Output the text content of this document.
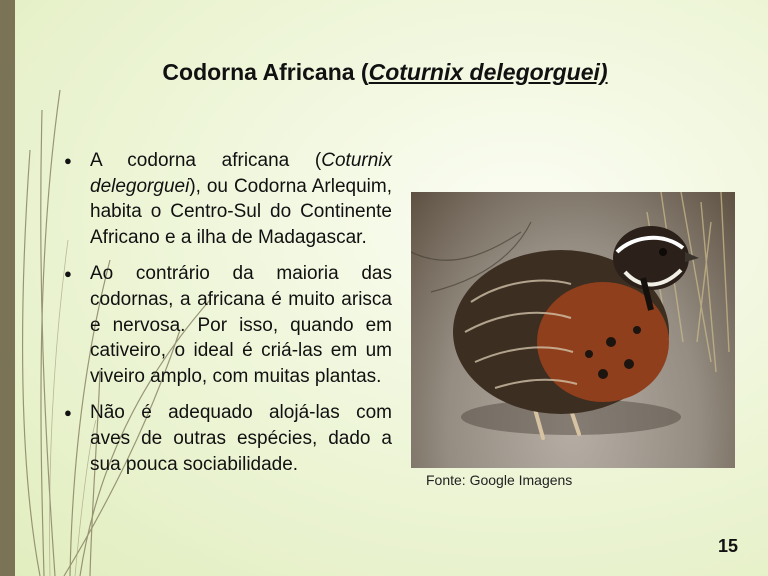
Codorna Africana (Coturnix delegorguei)
● A codorna africana (Coturnix delegorguei), ou Codorna Arlequim, habita o Centro-Sul do Continente Africano e a ilha de Madagascar.
● Ao contrário da maioria das codornas, a africana é muito arisca e nervosa. Por isso, quando em cativeiro, o ideal é criá-las em um viveiro amplo, com muitas plantas.
● Não é adequado alojá-las com aves de outras espécies, dado a sua pouca sociabilidade.

Fonte: Google Imagens

15
